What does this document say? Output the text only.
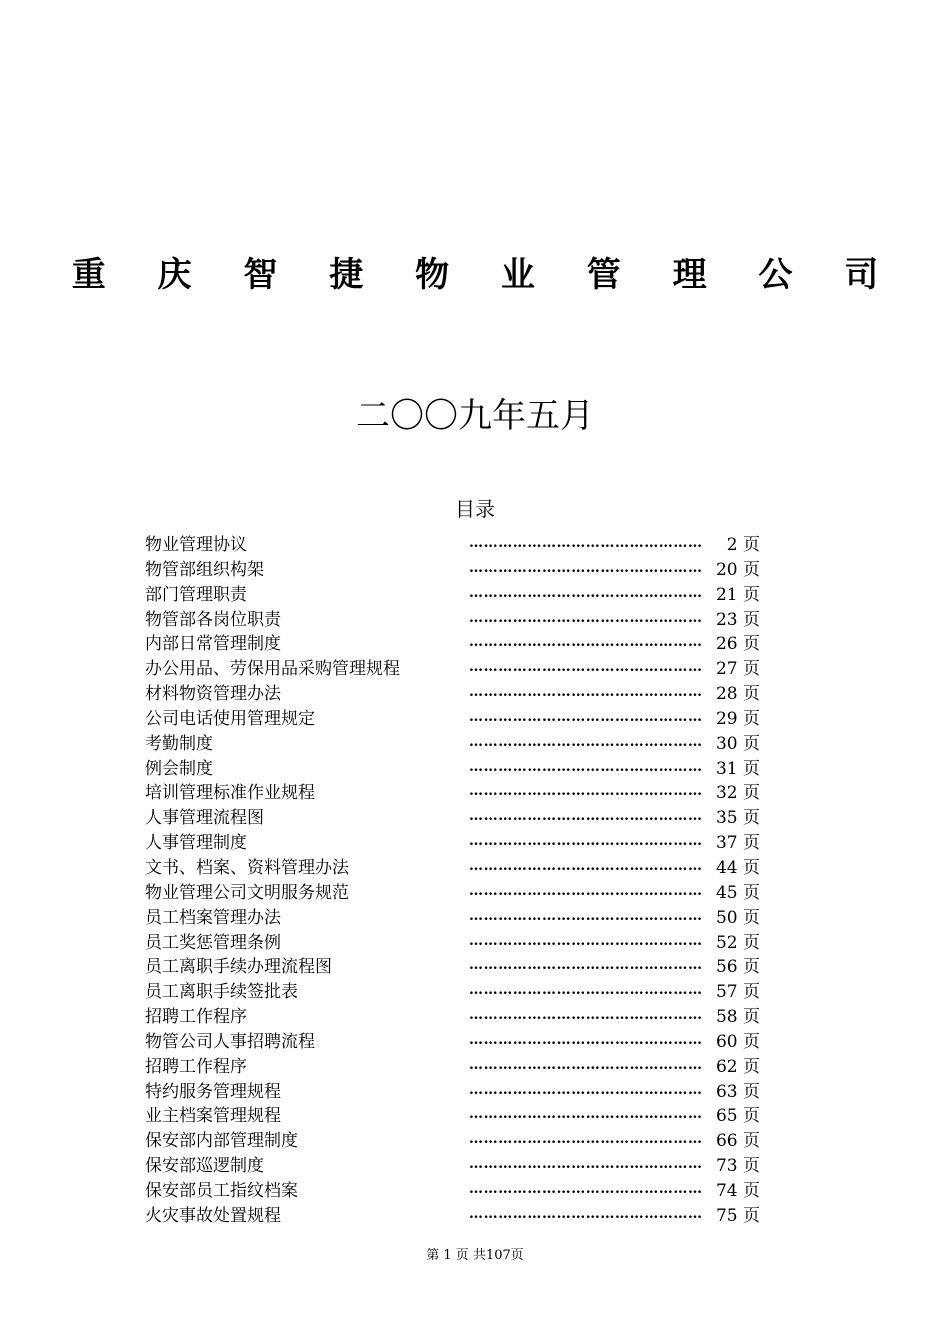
重 庆 智 捷 物 业 管 理 公 司
二〇〇九年五月
目录
物业管理协议	…………………………………………	2 页
物管部组织构架	………………………………………… 20 页
部门管理职责	………………………………………… 21 页
物管部各岗位职责	………………………………………… 23 页
内部日常管理制度	………………………………………… 26 页
办公用品、劳保用品采购管理规程	………………………………………… 27 页
材料物资管理办法	………………………………………… 28 页
公司电话使用管理规定	………………………………………… 29 页
考勤制度	………………………………………… 30 页
例会制度	………………………………………… 31 页
培训管理标准作业规程	………………………………………… 32 页
人事管理流程图	………………………………………… 35 页
人事管理制度	………………………………………… 37 页
文书、档案、资料管理办法	………………………………………… 44 页
物业管理公司文明服务规范	………………………………………… 45 页
员工档案管理办法	………………………………………… 50 页
员工奖惩管理条例	………………………………………… 52 页
员工离职手续办理流程图	………………………………………… 56 页
员工离职手续签批表	………………………………………… 57 页
招聘工作程序	………………………………………… 58 页
物管公司人事招聘流程	………………………………………… 60 页
招聘工作程序	………………………………………… 62 页
特约服务管理规程	………………………………………… 63 页
业主档案管理规程	………………………………………… 65 页
保安部内部管理制度	………………………………………… 66 页
保安部巡逻制度	………………………………………… 73 页
保安部员工指纹档案	………………………………………… 74 页
火灾事故处置规程	………………………………………… 75 页
第 1 页 共107页
